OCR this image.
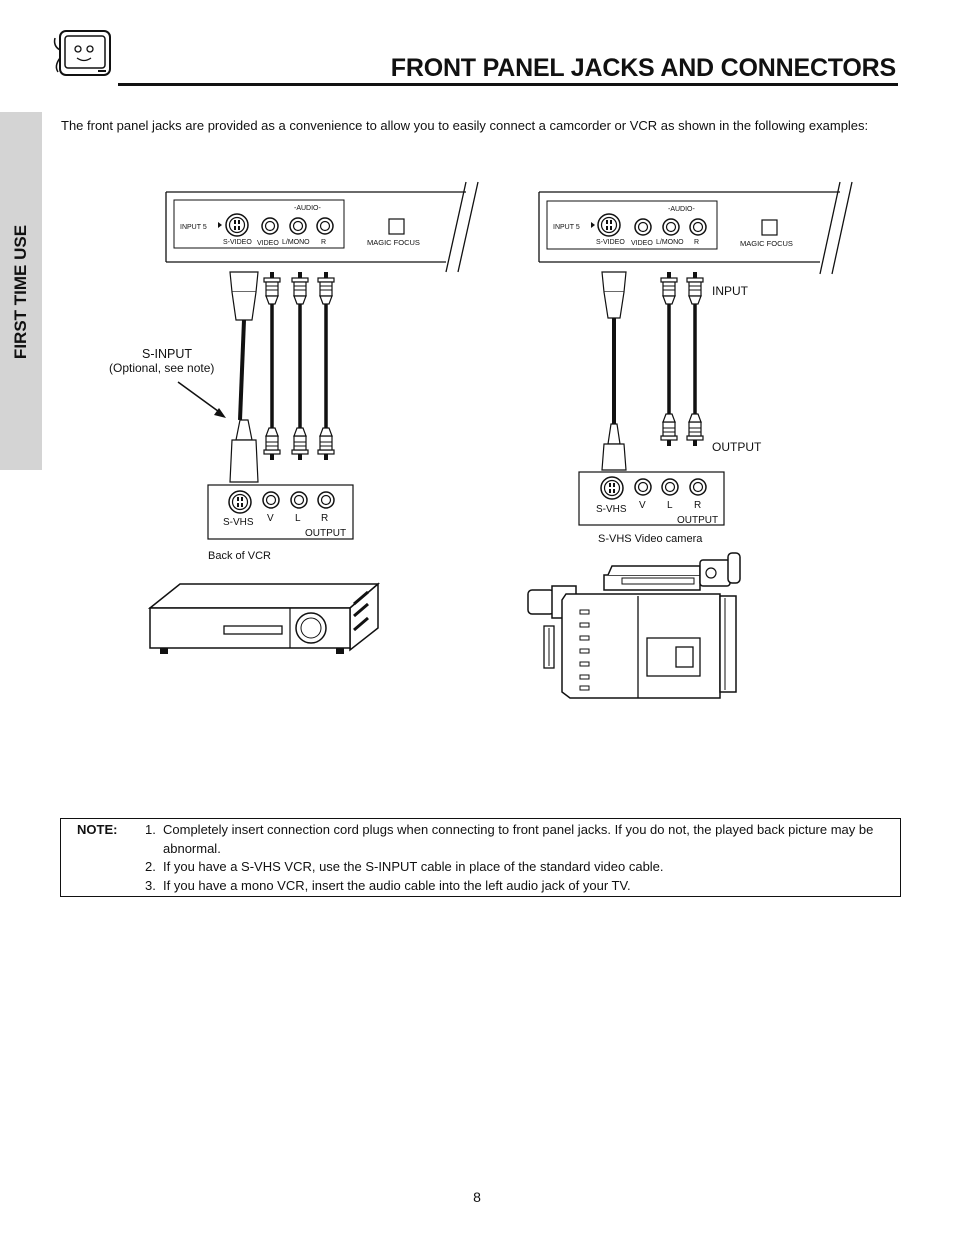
FRONT PANEL JACKS AND CONNECTORS
FIRST TIME USE

The front panel jacks are provided as a convenience to allow you to easily connect a camcorder or VCR as shown in the following examples:

INPUT 5
-AUDIO-
S-VIDEO VIDEO L/MONO R	MAGIC FOCUS
S-INPUT
(Optional, see note)
S-VHS V L R
OUTPUT
Back of VCR
INPUT 5
-AUDIO-
S-VIDEO VIDEO L/MONO R	MAGIC FOCUS
INPUT
OUTPUT
S-VHS V L R
OUTPUT
S-VHS Video camera
NOTE: 1. Completely insert connection cord plugs when connecting to front panel jacks. If you do not, the played back picture may be abnormal.
2. If you have a S-VHS VCR, use the S-INPUT cable in place of the standard video cable.
3. If you have a mono VCR, insert the audio cable into the left audio jack of your TV.
8
